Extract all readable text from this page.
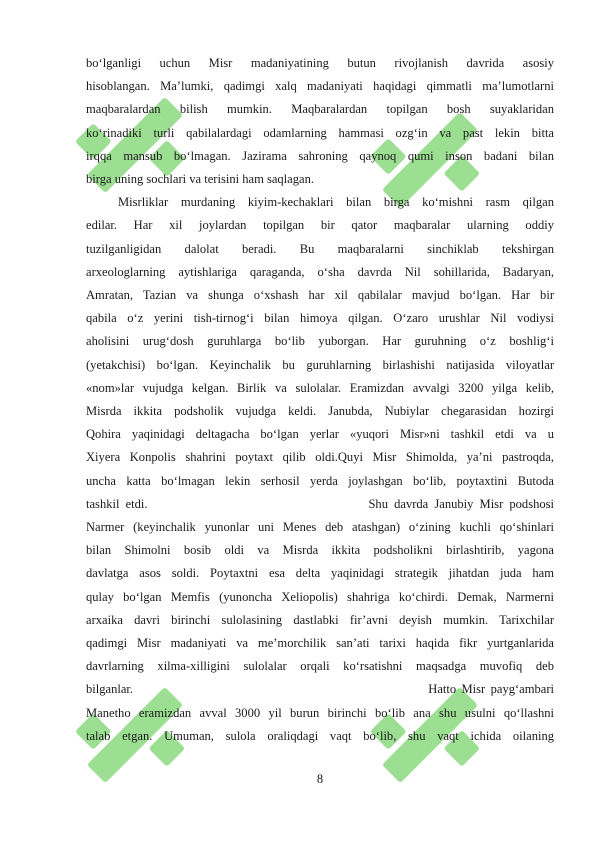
bo‘lganligi uchun Misr madaniyatining butun rivojlanish davrida asosiy
hisoblangan. Ma’lumki, qadimgi xalq madaniyati haqidagi qimmatli ma’lumotlarni
maqbaralardan bilish mumkin. Maqbaralardan topilgan bosh suyaklaridan
ko‘rinadiki turli qabilalardagi odamlarning hammasi ozg‘in va past lekin bitta
irqqa mansub bo‘lmagan. Jazirama sahroning qaynoq qumi inson badani bilan
birga uning sochlari va terisini ham saqlagan.
Misrliklar murdaning kiyim-kechaklari bilan birga ko‘mishni rasm qilgan
edilar. Har xil joylardan topilgan bir qator maqbaralar ularning oddiy
tuzilganligidan dalolat beradi. Bu maqbaralarni sinchiklab tekshirgan
arxeologlarning aytishlariga qaraganda, o‘sha davrda Nil sohillarida, Badaryan,
Amratan, Tazian va shunga o‘xshash har xil qabilalar mavjud bo‘lgan. Har bir
qabila o‘z yerini tish-tirnog‘i bilan himoya qilgan. O‘zaro urushlar Nil vodiysi
aholisini urug‘dosh guruhlarga bo‘lib yuborgan. Har guruhning o‘z boshlig‘i
(yetakchisi) bo‘lgan. Keyinchalik bu guruhlarning birlashishi natijasida viloyatlar
«nom»lar vujudga kelgan. Birlik va sulolalar. Eramizdan avvalgi 3200 yilga kelib,
Misrda ikkita podsholik vujudga keldi. Janubda, Nubiylar chegarasidan hozirgi
Qohira yaqinidagi deltagacha bo‘lgan yerlar «yuqori Misr»ni tashkil etdi va u
Xiyera Konpolis shahrini poytaxt qilib oldi.Quyi Misr Shimolda, ya’ni pastroqda,
uncha katta bo‘lmagan lekin serhosil yerda joylashgan bo‘lib, poytaxtini Butoda
tashkil etdi.                                    Shu davrda Janubiy Misr podshosi
Narmer (keyinchalik yunonlar uni Menes deb atashgan) o‘zining kuchli qo‘shinlari
bilan Shimolni bosib oldi va Misrda ikkita podsholikni birlashtirib, yagona
davlatga asos soldi. Poytaxtni esa delta yaqinidagi strategik jihatdan juda ham
qulay bo‘lgan Memfis (yunoncha Xeliopolis) shahriga ko‘chirdi. Demak, Narmerni
arxaika davri birinchi sulolasining dastlabki fir’avni deyish mumkin. Tarixchilar
qadimgi Misr madaniyati va me’morchilik san’ati tarixi haqida fikr yurtganlarida
davrlarning xilma-xilligini sulolalar orqali ko‘rsatishni maqsadga muvofiq deb
bilganlar.                                                       Hatto Misr payg‘ambari
Manetho eramizdan avval 3000 yil burun birinchi bo‘lib ana shu usulni qo‘llashni
talab etgan. Umuman, sulola oraliqdagi vaqt bo‘lib, shu vaqt ichida oilaning
8
